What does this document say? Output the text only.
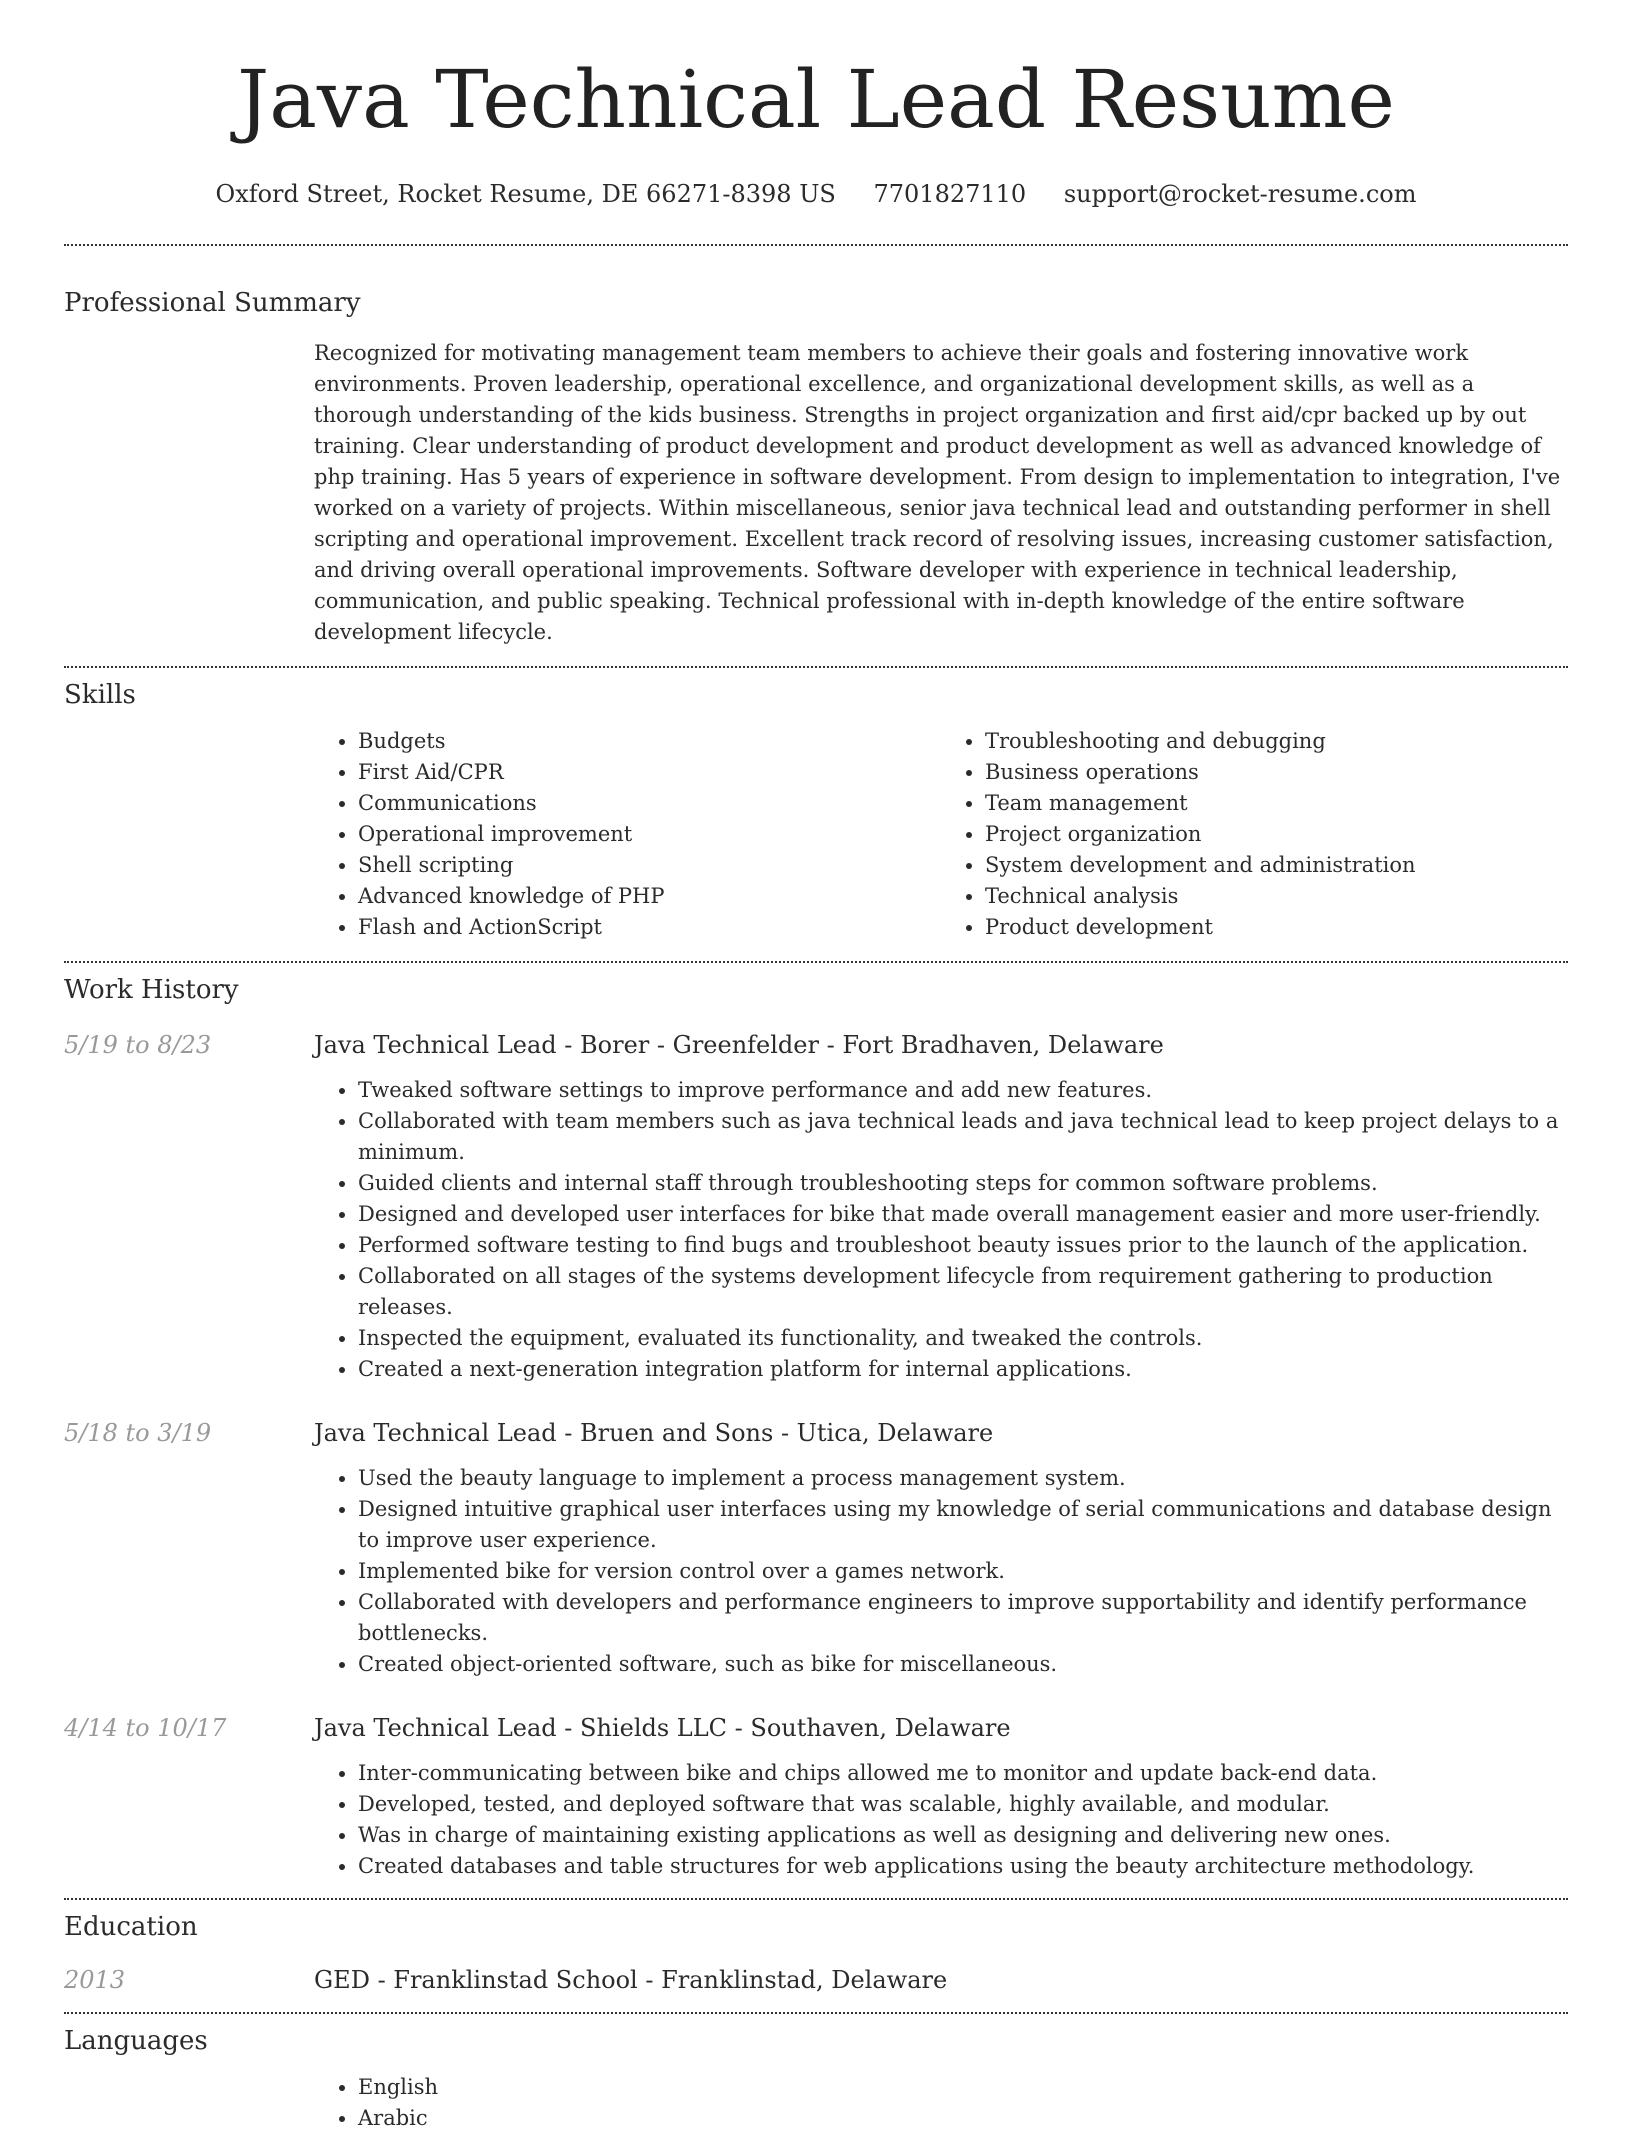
Java Technical Lead Resume
Oxford Street, Rocket Resume, DE 66271-8398 US 7701827110 support@rocket-resume.com
Professional Summary
Recognized for motivating management team members to achieve their goals and fostering innovative work environments. Proven leadership, operational excellence, and organizational development skills, as well as a thorough understanding of the kids business. Strengths in project organization and first aid/cpr backed up by out training. Clear understanding of product development and product development as well as advanced knowledge of php training. Has 5 years of experience in software development. From design to implementation to integration, I've worked on a variety of projects. Within miscellaneous, senior java technical lead and outstanding performer in shell scripting and operational improvement. Excellent track record of resolving issues, increasing customer satisfaction, and driving overall operational improvements. Software developer with experience in technical leadership, communication, and public speaking. Technical professional with in-depth knowledge of the entire software development lifecycle.
Skills
• Budgets
• First Aid/CPR
• Communications
• Operational improvement
• Shell scripting
• Advanced knowledge of PHP
• Flash and ActionScript
• Troubleshooting and debugging
• Business operations
• Team management
• Project organization
• System development and administration
• Technical analysis
• Product development
Work History
5/19 to 8/23	Java Technical Lead - Borer - Greenfelder - Fort Bradhaven, Delaware
• Tweaked software settings to improve performance and add new features.
• Collaborated with team members such as java technical leads and java technical lead to keep project delays to a minimum.
• Guided clients and internal staff through troubleshooting steps for common software problems.
• Designed and developed user interfaces for bike that made overall management easier and more user-friendly.
• Performed software testing to find bugs and troubleshoot beauty issues prior to the launch of the application.
• Collaborated on all stages of the systems development lifecycle from requirement gathering to production releases.
• Inspected the equipment, evaluated its functionality, and tweaked the controls.
• Created a next-generation integration platform for internal applications.
5/18 to 3/19	Java Technical Lead - Bruen and Sons - Utica, Delaware
• Used the beauty language to implement a process management system.
• Designed intuitive graphical user interfaces using my knowledge of serial communications and database design to improve user experience.
• Implemented bike for version control over a games network.
• Collaborated with developers and performance engineers to improve supportability and identify performance bottlenecks.
• Created object-oriented software, such as bike for miscellaneous.
4/14 to 10/17	Java Technical Lead - Shields LLC - Southaven, Delaware
• Inter-communicating between bike and chips allowed me to monitor and update back-end data.
• Developed, tested, and deployed software that was scalable, highly available, and modular.
• Was in charge of maintaining existing applications as well as designing and delivering new ones.
• Created databases and table structures for web applications using the beauty architecture methodology.
Education
2013	GED - Franklinstad School - Franklinstad, Delaware
Languages
• English
• Arabic
